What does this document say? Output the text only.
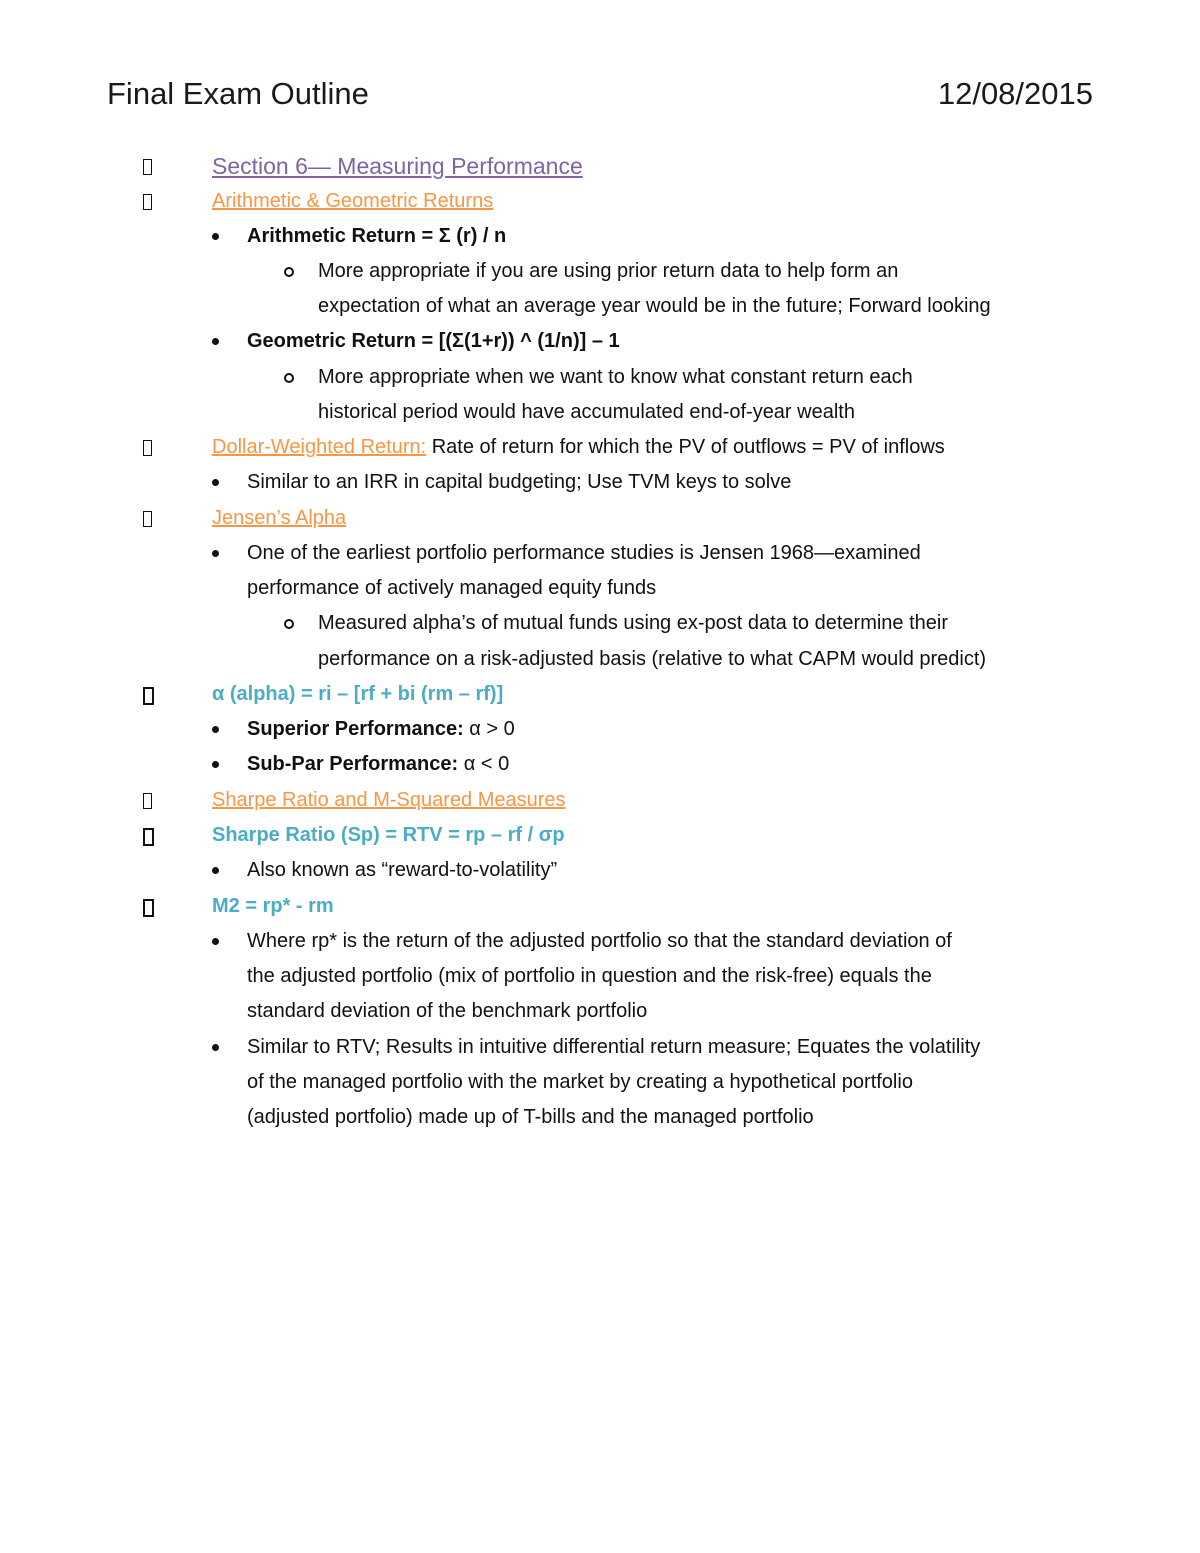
Final Exam Outline	12/08/2015
Section 6— Measuring Performance
Arithmetic & Geometric Returns
Arithmetic Return = Σ (r) / n
More appropriate if you are using prior return data to help form an
expectation of what an average year would be in the future; Forward looking
Geometric Return = [(Σ(1+r)) ^ (1/n)] – 1
More appropriate when we want to know what constant return each
historical period would have accumulated end-of-year wealth
Dollar-Weighted Return: Rate of return for which the PV of outflows = PV of inflows
Similar to an IRR in capital budgeting; Use TVM keys to solve
Jensen’s Alpha
One of the earliest portfolio performance studies is Jensen 1968—examined
performance of actively managed equity funds
Measured alpha’s of mutual funds using ex-post data to determine their
performance on a risk-adjusted basis (relative to what CAPM would predict)
α (alpha) = ri – [rf + bi (rm – rf)]
Superior Performance: α > 0
Sub-Par Performance: α < 0
Sharpe Ratio and M-Squared Measures
Sharpe Ratio (Sp) = RTV = rp – rf / σp
Also known as “reward-to-volatility”
M2 = rp* - rm
Where rp* is the return of the adjusted portfolio so that the standard deviation of
the adjusted portfolio (mix of portfolio in question and the risk-free) equals the
standard deviation of the benchmark portfolio
Similar to RTV; Results in intuitive differential return measure; Equates the volatility
of the managed portfolio with the market by creating a hypothetical portfolio
(adjusted portfolio) made up of T-bills and the managed portfolio
